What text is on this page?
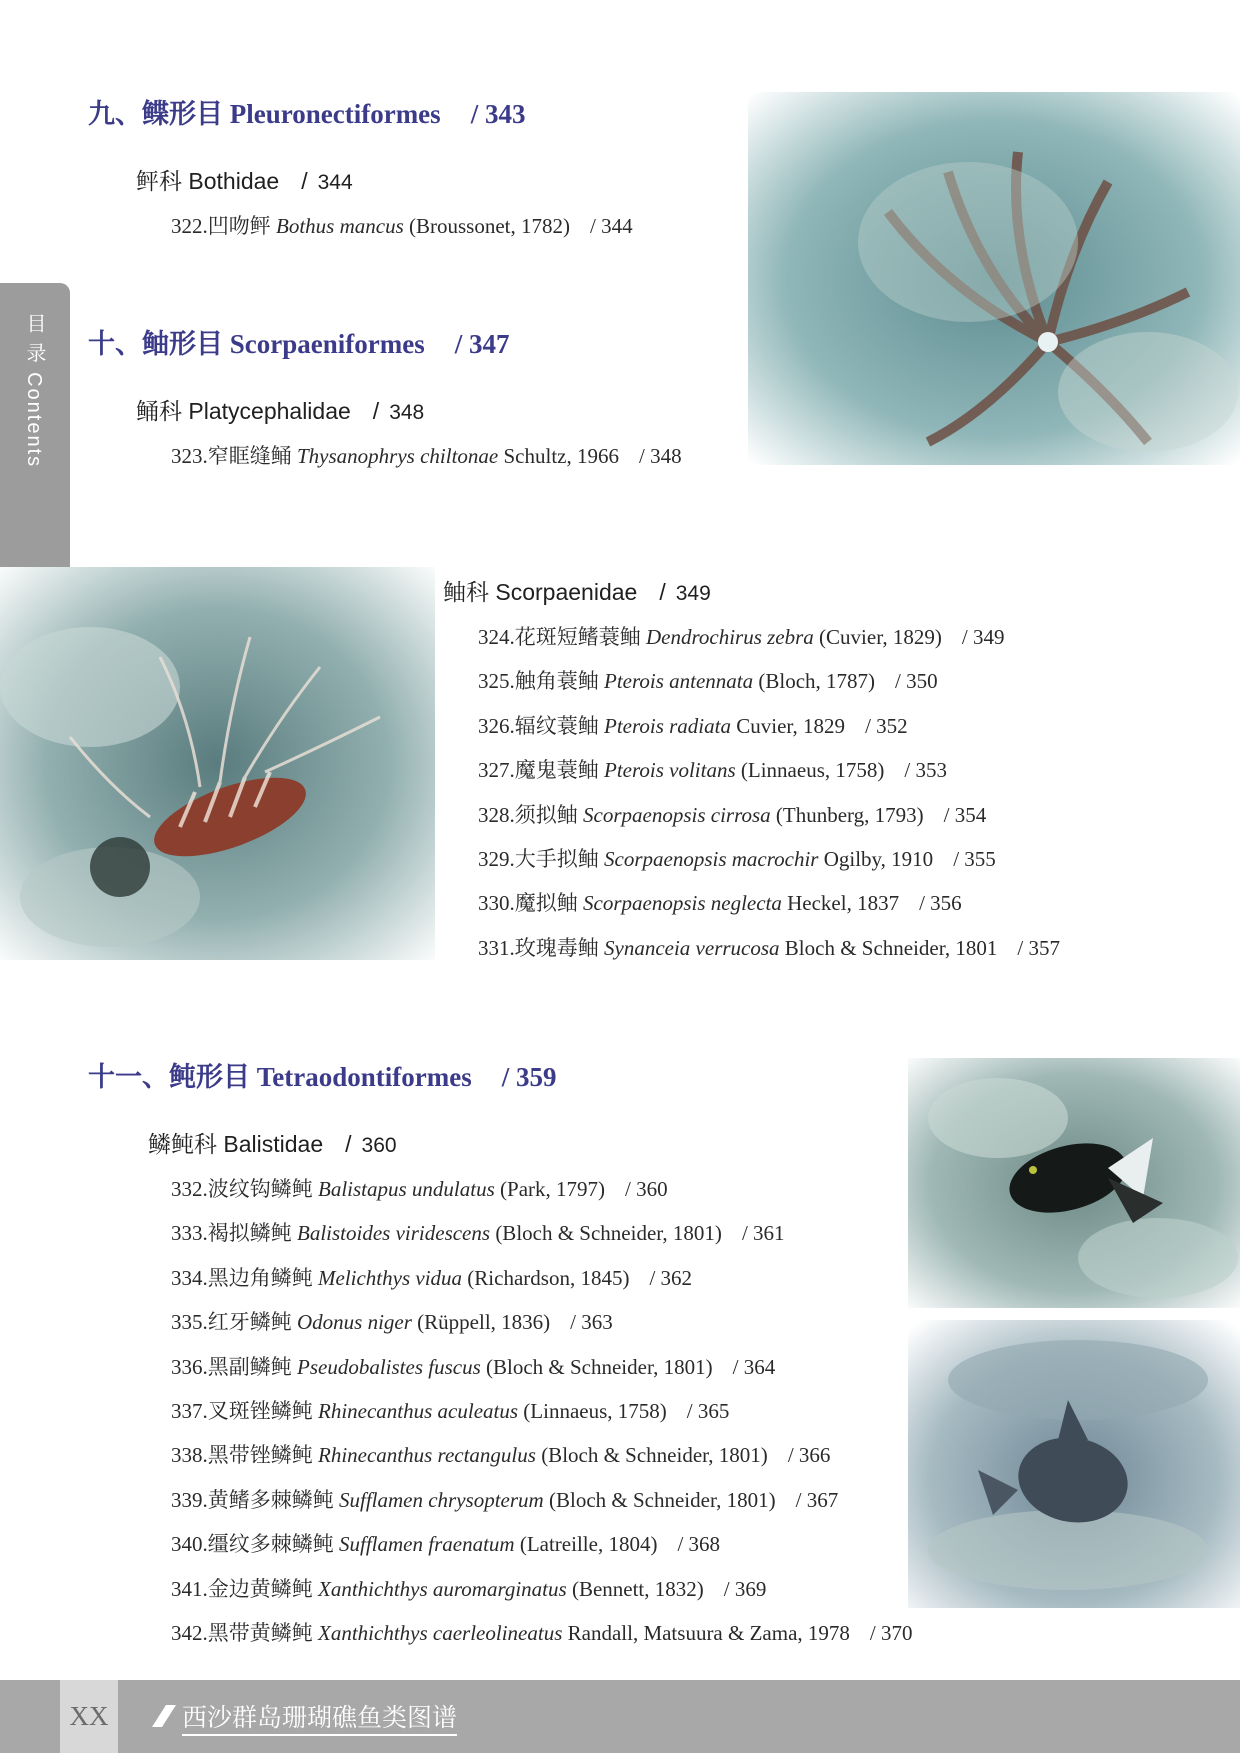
目 录 Contents
九、鲽形目 Pleuronectiformes / 343
鲆科 Bothidae / 344
322.凹吻鲆 Bothus mancus (Broussonet, 1782) / 344
十、鲉形目 Scorpaeniformes / 347
鲬科 Platycephalidae / 348
323.窄眶缝鲬 Thysanophrys chiltonae Schultz, 1966 / 348
鲉科 Scorpaenidae / 349
324.花斑短鳍蓑鲉 Dendrochirus zebra (Cuvier, 1829) / 349
325.触角蓑鲉 Pterois antennata (Bloch, 1787) / 350
326.辐纹蓑鲉 Pterois radiata Cuvier, 1829 / 352
327.魔鬼蓑鲉 Pterois volitans (Linnaeus, 1758) / 353
328.须拟鲉 Scorpaenopsis cirrosa (Thunberg, 1793) / 354
329.大手拟鲉 Scorpaenopsis macrochir Ogilby, 1910 / 355
330.魔拟鲉 Scorpaenopsis neglecta Heckel, 1837 / 356
331.玫瑰毒鲉 Synanceia verrucosa Bloch & Schneider, 1801 / 357
十一、鲀形目 Tetraodontiformes / 359
鳞鲀科 Balistidae / 360
332.波纹钩鳞鲀 Balistapus undulatus (Park, 1797) / 360
333.褐拟鳞鲀 Balistoides viridescens (Bloch & Schneider, 1801) / 361
334.黑边角鳞鲀 Melichthys vidua (Richardson, 1845) / 362
335.红牙鳞鲀 Odonus niger (Rüppell, 1836) / 363
336.黑副鳞鲀 Pseudobalistes fuscus (Bloch & Schneider, 1801) / 364
337.叉斑锉鳞鲀 Rhinecanthus aculeatus (Linnaeus, 1758) / 365
338.黑带锉鳞鲀 Rhinecanthus rectangulus (Bloch & Schneider, 1801) / 366
339.黄鳍多棘鳞鲀 Sufflamen chrysopterum (Bloch & Schneider, 1801) / 367
340.缰纹多棘鳞鲀 Sufflamen fraenatum (Latreille, 1804) / 368
341.金边黄鳞鲀 Xanthichthys auromarginatus (Bennett, 1832) / 369
342.黑带黄鳞鲀 Xanthichthys caerleolineatus Randall, Matsuura & Zama, 1978 / 370
XX	西沙群岛珊瑚礁鱼类图谱
